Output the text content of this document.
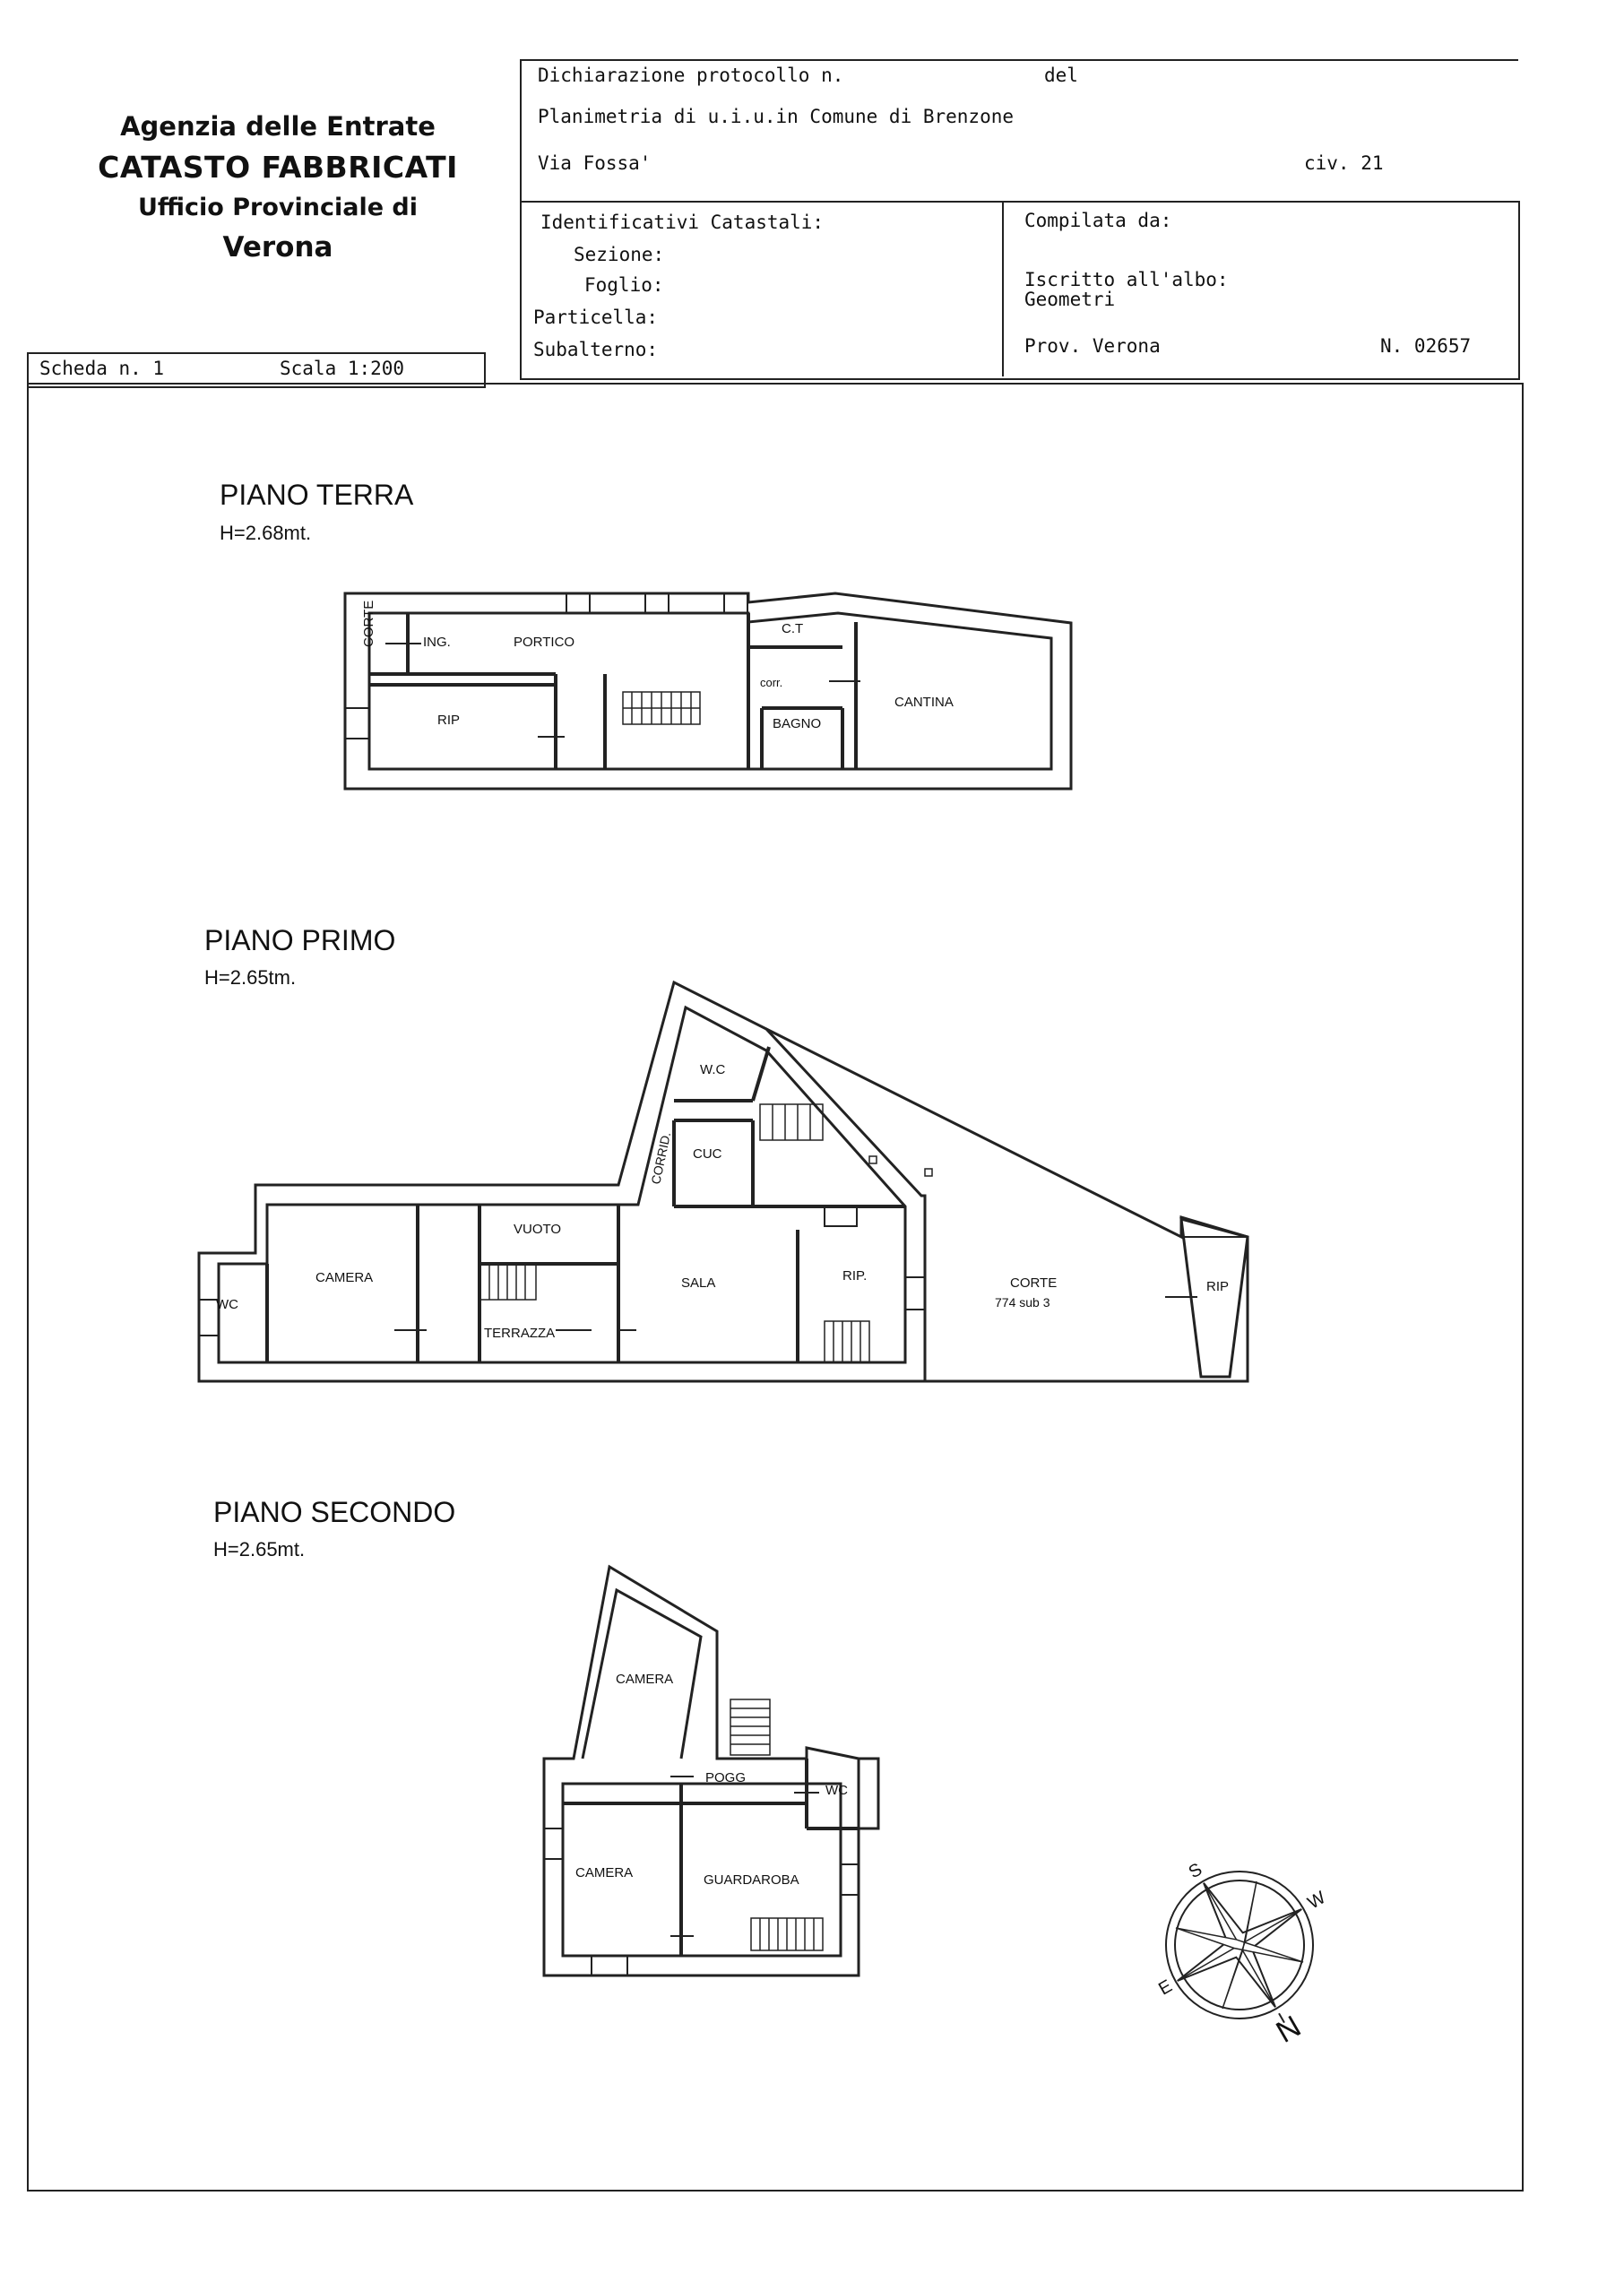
Agenzia delle Entrate
CATASTO FABBRICATI
Ufficio Provinciale di
Verona
Dichiarazione protocollo n.	del
Planimetria di u.i.u.in Comune di Brenzone
Via Fossa'	civ. 21
Identificativi Catastali:
Sezione:
Foglio:
Particella:
Subalterno:
Compilata da:
Iscritto all'albo:
Geometri
Prov. Verona	N. 02657
Scheda n. 1	Scala 1:200
PIANO TERRA
H=2.68mt.
CORTE	ING.	PORTICO
C.T
corr.
CANTINA
RIP	BAGNO
PIANO PRIMO
H=2.65tm.
W.C
CORRID. CUC
VUOTO
CAMERA
WC
TERRAZZA
SALA	RIP.	CORTE
774 sub 3
RIP
PIANO SECONDO
H=2.65mt.
CAMERA
POGG
WC
CAMERA	GUARDAROBA	S
W
E
N
